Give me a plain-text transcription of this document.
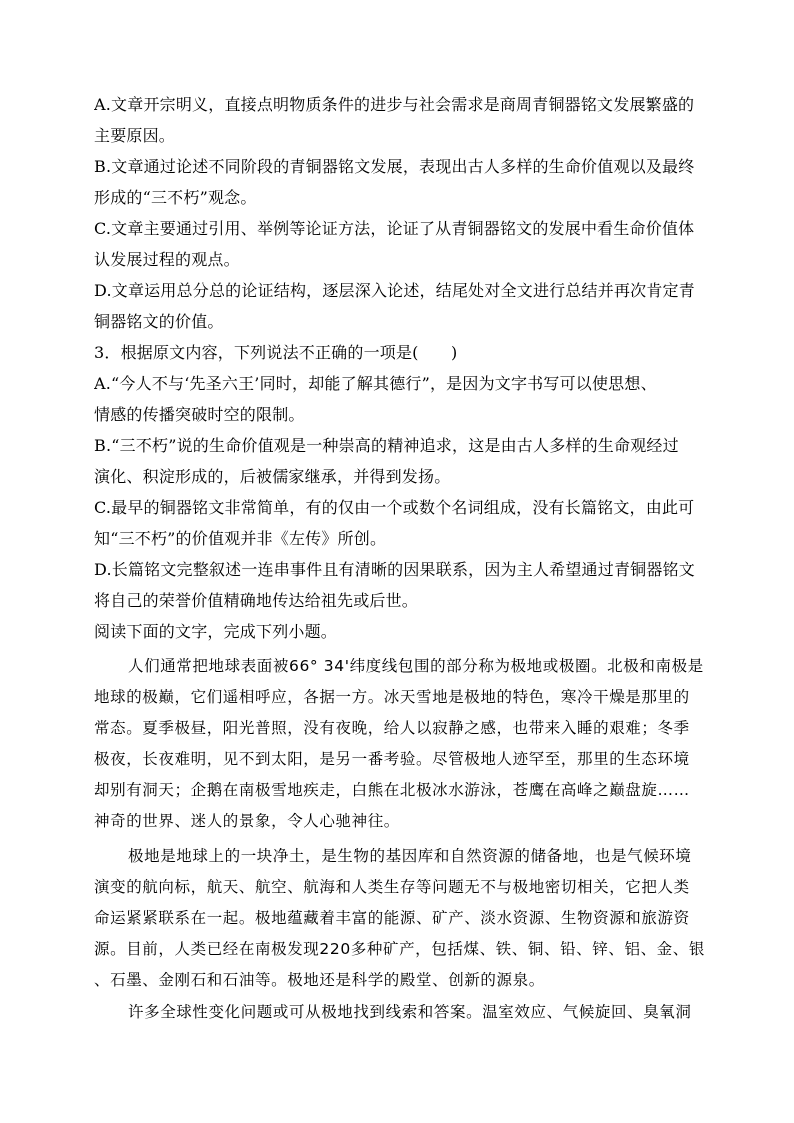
A.文章开宗明义，直接点明物质条件的进步与社会需求是商周青铜器铭文发展繁盛的
主要原因。
B.文章通过论述不同阶段的青铜器铭文发展，表现出古人多样的生命价值观以及最终
形成的“三不朽”观念。
C.文章主要通过引用、举例等论证方法，论证了从青铜器铭文的发展中看生命价值体
认发展过程的观点。
D.文章运用总分总的论证结构，逐层深入论述，结尾处对全文进行总结并再次肯定青
铜器铭文的价值。
3．根据原文内容，下列说法不正确的一项是(　　)
A.“今人不与‘先圣六王’同时，却能了解其德行”，是因为文字书写可以使思想、
情感的传播突破时空的限制。
B.“三不朽”说的生命价值观是一种崇高的精神追求，这是由古人多样的生命观经过
演化、积淀形成的，后被儒家继承，并得到发扬。
C.最早的铜器铭文非常简单，有的仅由一个或数个名词组成，没有长篇铭文，由此可
知“三不朽”的价值观并非《左传》所创。
D.长篇铭文完整叙述一连串事件且有清晰的因果联系，因为主人希望通过青铜器铭文
将自己的荣誉价值精确地传达给祖先或后世。
阅读下面的文字，完成下列小题。
人们通常把地球表面被66° 34'纬度线包围的部分称为极地或极圈。北极和南极是
地球的极巅，它们遥相呼应，各据一方。冰天雪地是极地的特色，寒冷干燥是那里的
常态。夏季极昼，阳光普照，没有夜晚，给人以寂静之感，也带来入睡的艰难；冬季
极夜，长夜难明，见不到太阳，是另一番考验。尽管极地人迹罕至，那里的生态环境
却别有洞天；企鹅在南极雪地疾走，白熊在北极冰水游泳，苍鹰在高峰之巅盘旋……
神奇的世界、迷人的景象，令人心驰神往。
极地是地球上的一块净土，是生物的基因库和自然资源的储备地，也是气候环境
演变的航向标，航天、航空、航海和人类生存等问题无不与极地密切相关，它把人类
命运紧紧联系在一起。极地蕴藏着丰富的能源、矿产、淡水资源、生物资源和旅游资
源。目前，人类已经在南极发现220多种矿产，包括煤、铁、铜、铅、锌、铝、金、银
、石墨、金刚石和石油等。极地还是科学的殿堂、创新的源泉。
许多全球性变化问题或可从极地找到线索和答案。温室效应、气候旋回、臭氧洞
